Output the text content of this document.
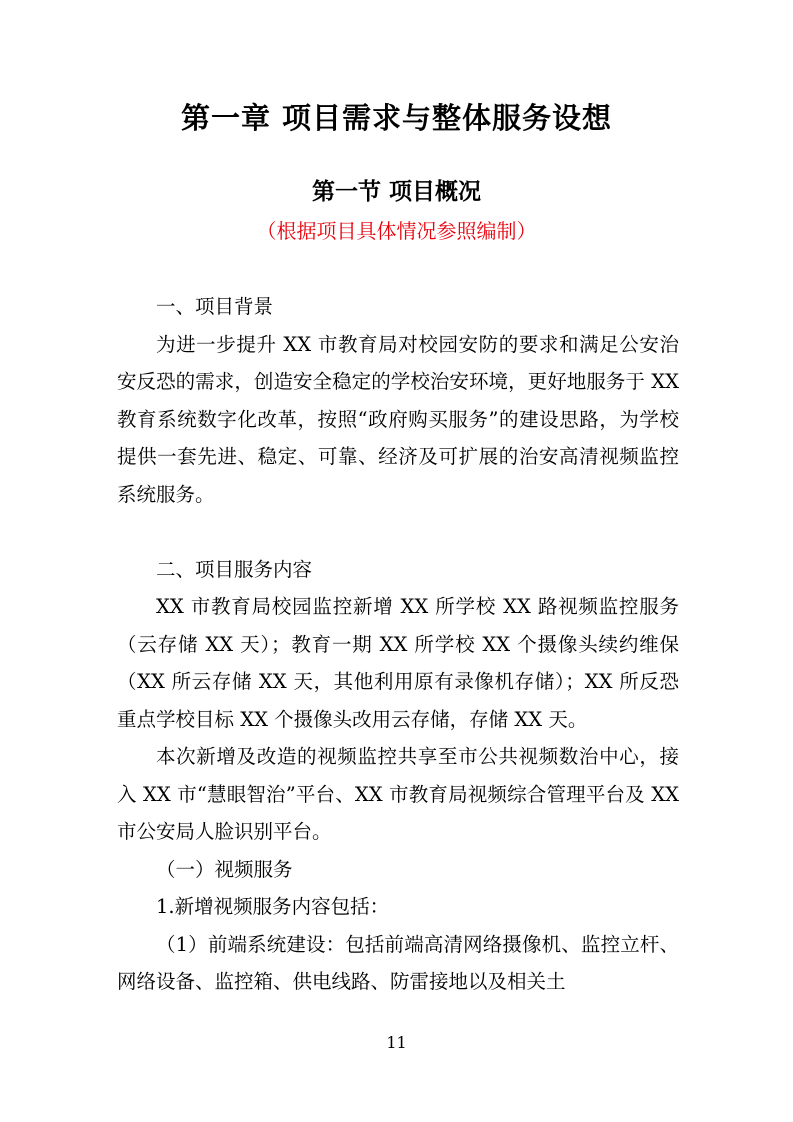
第一章 项目需求与整体服务设想
第一节 项目概况

（根据项目具体情况参照编制）

一、项目背景

为进一步提升 XX 市教育局对校园安防的要求和满足公安治安反恐的需求，创造安全稳定的学校治安环境，更好地服务于 XX 教育系统数字化改革，按照“政府购买服务”的建设思路，为学校提供一套先进、稳定、可靠、经济及可扩展的治安高清视频监控系统服务。

二、项目服务内容

XX 市教育局校园监控新增 XX 所学校 XX 路视频监控服务（云存储 XX 天）；教育一期 XX 所学校 XX 个摄像头续约维保（XX 所云存储 XX 天，其他利用原有录像机存储）；XX 所反恐重点学校目标 XX 个摄像头改用云存储，存储 XX 天。

本次新增及改造的视频监控共享至市公共视频数治中心，接入 XX 市“慧眼智治”平台、XX 市教育局视频综合管理平台及 XX 市公安局人脸识别平台。

（一）视频服务

1.新增视频服务内容包括：

（1）前端系统建设：包括前端高清网络摄像机、监控立杆、网络设备、监控箱、供电线路、防雷接地以及相关土

11
